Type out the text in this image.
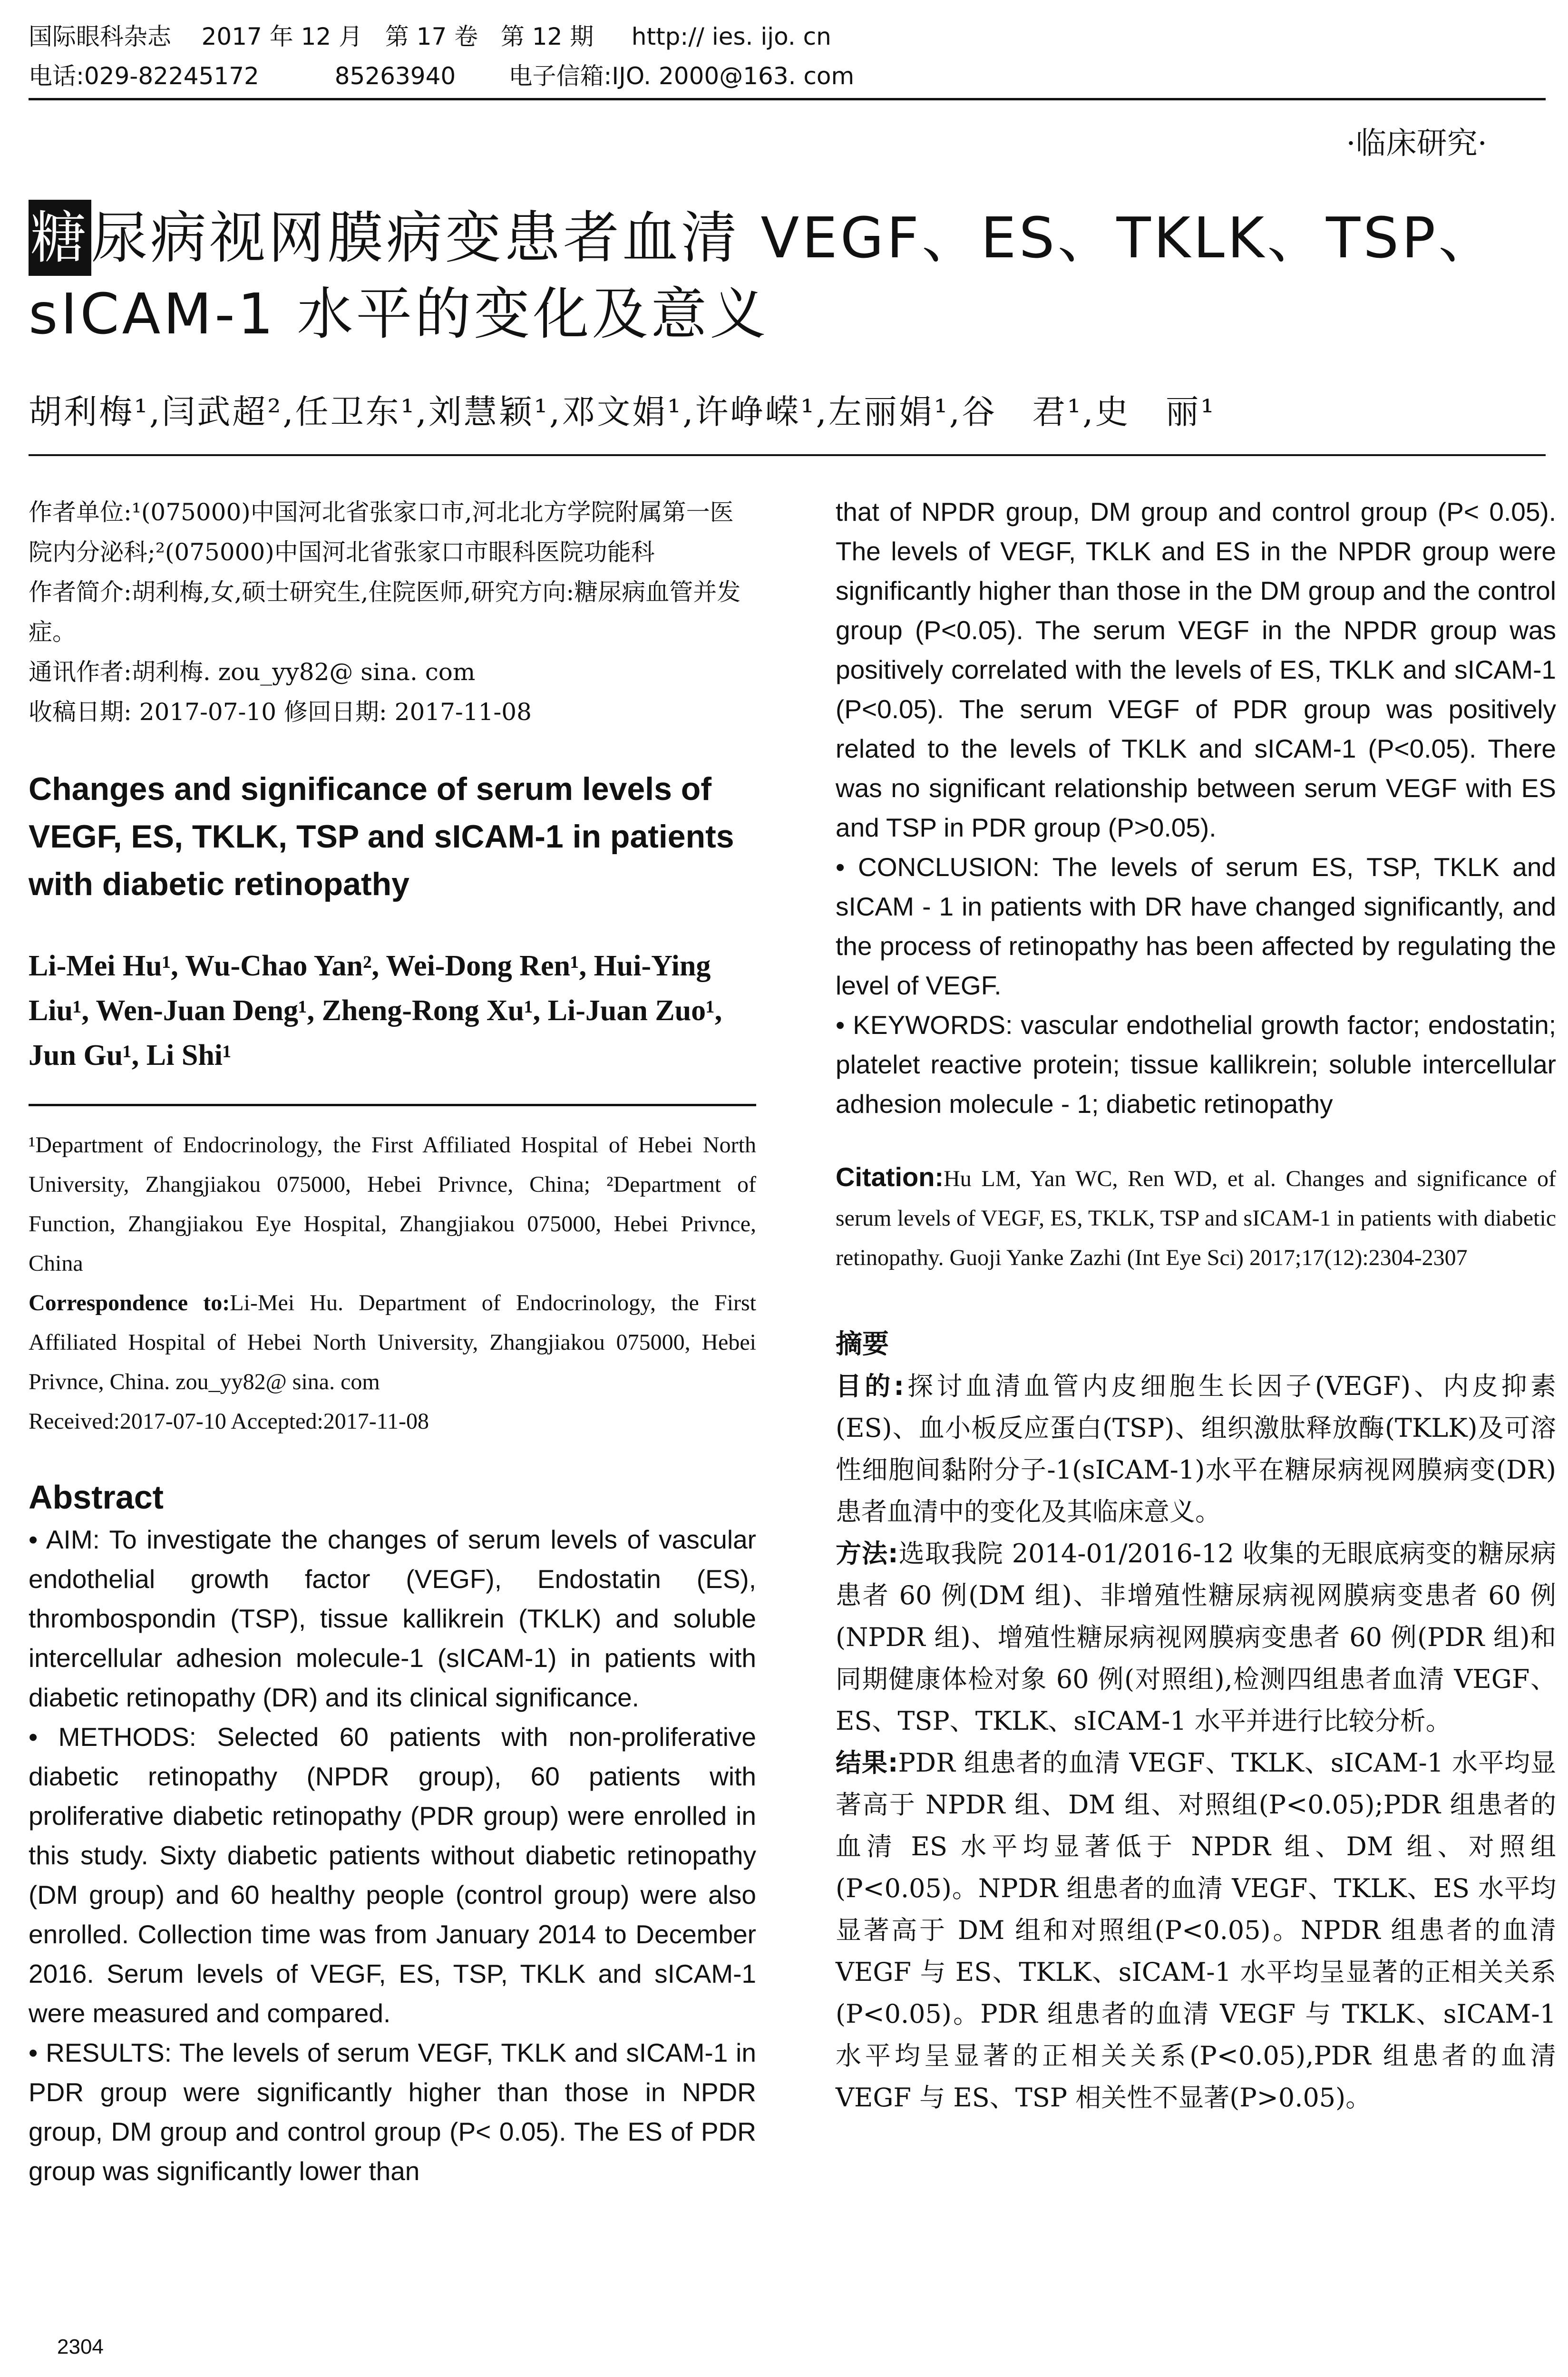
国际眼科杂志    2017 年 12 月   第 17 卷   第 12 期     http:// ies. ijo. cn
电话:029-82245172          85263940       电子信箱:IJO. 2000@163. com
·临床研究·
糖尿病视网膜病变患者血清 VEGF、ES、TKLK、TSP、sICAM-1 水平的变化及意义
胡利梅¹,闫武超²,任卫东¹,刘慧颖¹,邓文娟¹,许峥嵘¹,左丽娟¹,谷　君¹,史　丽¹

作者单位:¹(075000)中国河北省张家口市,河北北方学院附属第一医院内分泌科;²(075000)中国河北省张家口市眼科医院功能科

作者简介:胡利梅,女,硕士研究生,住院医师,研究方向:糖尿病血管并发症。

通讯作者:胡利梅. zou_yy82@ sina. com

收稿日期: 2017-07-10 修回日期: 2017-11-08

Changes and significance of serum levels of VEGF, ES, TKLK, TSP and sICAM-1 in patients with diabetic retinopathy
Li-Mei Hu¹, Wu-Chao Yan², Wei-Dong Ren¹, Hui-Ying Liu¹, Wen-Juan Deng¹, Zheng-Rong Xu¹, Li-Juan Zuo¹, Jun Gu¹, Li Shi¹
¹Department of Endocrinology, the First Affiliated Hospital of Hebei North University, Zhangjiakou 075000, Hebei Privnce, China; ²Department of Function, Zhangjiakou Eye Hospital, Zhangjiakou 075000, Hebei Privnce, China
Correspondence to:Li-Mei Hu. Department of Endocrinology, the First Affiliated Hospital of Hebei North University, Zhangjiakou 075000, Hebei Privnce, China. zou_yy82@ sina. com
Received:2017-07-10 Accepted:2017-11-08
Abstract

• AIM: To investigate the changes of serum levels of vascular endothelial growth factor (VEGF), Endostatin (ES), thrombospondin (TSP), tissue kallikrein (TKLK) and soluble intercellular adhesion molecule-1 (sICAM-1) in patients with diabetic retinopathy (DR) and its clinical significance.

• METHODS: Selected 60 patients with non-proliferative diabetic retinopathy (NPDR group), 60 patients with proliferative diabetic retinopathy (PDR group) were enrolled in this study. Sixty diabetic patients without diabetic retinopathy (DM group) and 60 healthy people (control group) were also enrolled. Collection time was from January 2014 to December 2016. Serum levels of VEGF, ES, TSP, TKLK and sICAM-1 were measured and compared.

• RESULTS: The levels of serum VEGF, TKLK and sICAM-1 in PDR group were significantly higher than those in NPDR group, DM group and control group (P< 0.05). The ES of PDR group was significantly lower than

that of NPDR group, DM group and control group (P< 0.05). The levels of VEGF, TKLK and ES in the NPDR group were significantly higher than those in the DM group and the control group (P<0.05). The serum VEGF in the NPDR group was positively correlated with the levels of ES, TKLK and sICAM-1 (P<0.05). The serum VEGF of PDR group was positively related to the levels of TKLK and sICAM-1 (P<0.05). There was no significant relationship between serum VEGF with ES and TSP in PDR group (P>0.05).

• CONCLUSION: The levels of serum ES, TSP, TKLK and sICAM - 1 in patients with DR have changed significantly, and the process of retinopathy has been affected by regulating the level of VEGF.

• KEYWORDS: vascular endothelial growth factor; endostatin; platelet reactive protein; tissue kallikrein; soluble intercellular adhesion molecule - 1; diabetic retinopathy

Citation:Hu LM, Yan WC, Ren WD, et al. Changes and significance of serum levels of VEGF, ES, TKLK, TSP and sICAM-1 in patients with diabetic retinopathy. Guoji Yanke Zazhi (Int Eye Sci) 2017;17(12):2304-2307
摘要

目的:探讨血清血管内皮细胞生长因子(VEGF)、内皮抑素(ES)、血小板反应蛋白(TSP)、组织激肽释放酶(TKLK)及可溶性细胞间黏附分子-1(sICAM-1)水平在糖尿病视网膜病变(DR)患者血清中的变化及其临床意义。

方法:选取我院 2014-01/2016-12 收集的无眼底病变的糖尿病患者 60 例(DM 组)、非增殖性糖尿病视网膜病变患者 60 例(NPDR 组)、增殖性糖尿病视网膜病变患者 60 例(PDR 组)和同期健康体检对象 60 例(对照组),检测四组患者血清 VEGF、ES、TSP、TKLK、sICAM-1 水平并进行比较分析。

结果:PDR 组患者的血清 VEGF、TKLK、sICAM-1 水平均显著高于 NPDR 组、DM 组、对照组(P<0.05);PDR 组患者的血清 ES 水平均显著低于 NPDR 组、DM 组、对照组(P<0.05)。NPDR 组患者的血清 VEGF、TKLK、ES 水平均显著高于 DM 组和对照组(P<0.05)。NPDR 组患者的血清 VEGF 与 ES、TKLK、sICAM-1 水平均呈显著的正相关关系(P<0.05)。PDR 组患者的血清 VEGF 与 TKLK、sICAM-1 水平均呈显著的正相关关系(P<0.05),PDR 组患者的血清 VEGF 与 ES、TSP 相关性不显著(P>0.05)。

2304
